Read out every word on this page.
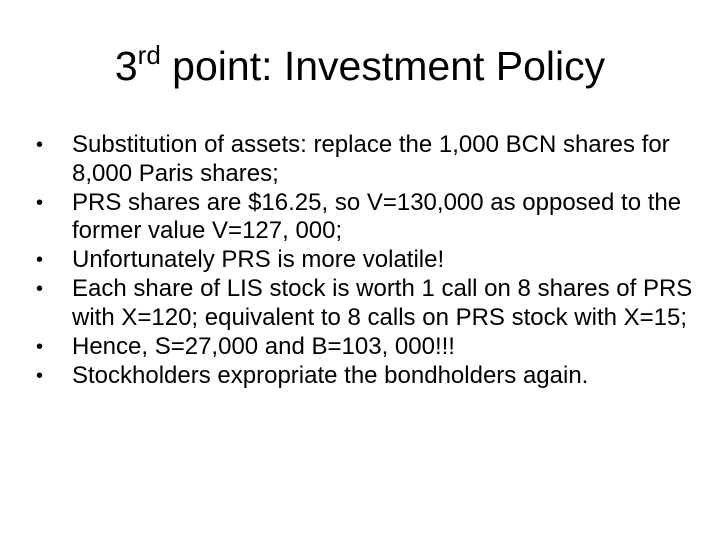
3rd point: Investment Policy
•	Substitution of assets: replace the 1,000 BCN shares for 8,000 Paris shares;
•	PRS shares are $16.25, so V=130,000 as opposed to the former value V=127, 000;
•	Unfortunately PRS is more volatile!
•	Each share of LIS stock is worth 1 call on 8 shares of PRS with X=120; equivalent to 8 calls on PRS stock with X=15;
•	Hence, S=27,000 and B=103, 000!!!
•	Stockholders expropriate the bondholders again.
